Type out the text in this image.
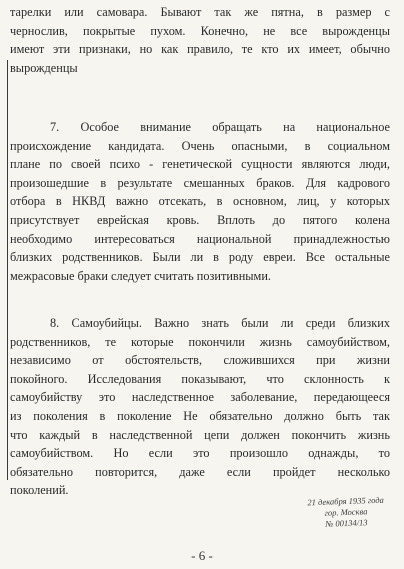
тарелки или самовара. Бывают так же пятна, в размер с
чернослив, покрытые пухом. Конечно, не все вырожденцы
имеют эти признаки, но как правило, те кто их имеет, обычно
вырожденцы
7. Особое внимание обращать на национальное
происхождение кандидата. Очень опасными, в социальном
плане по своей психо - генетической сущности являются люди,
произошедшие в результате смешанных браков. Для кадрового
отбора в НКВД важно отсекать, в основном, лиц, у которых
присутствует еврейская кровь. Вплоть до пятого колена
необходимо интересоваться национальной принадлежностью
близких родственников. Были ли в роду евреи. Все остальные
межрасовые браки следует считать позитивными.
8. Самоубийцы. Важно знать были ли среди близких
родственников, те которые покончили жизнь самоубийством,
независимо от обстоятельств, сложившихся при жизни
покойного. Исследования показывают, что склонность к
самоубийству это наследственное заболевание, передающееся
из поколения в поколение Не обязательно должно быть так
что каждый в наследственной цепи должен покончить жизнь
самоубийством. Но если это произошло однажды, то
обязательно повторится, даже если пройдет несколько
поколений.
21 декабря 1935 года
гор. Москва
№ 00134/13
- 6 -
